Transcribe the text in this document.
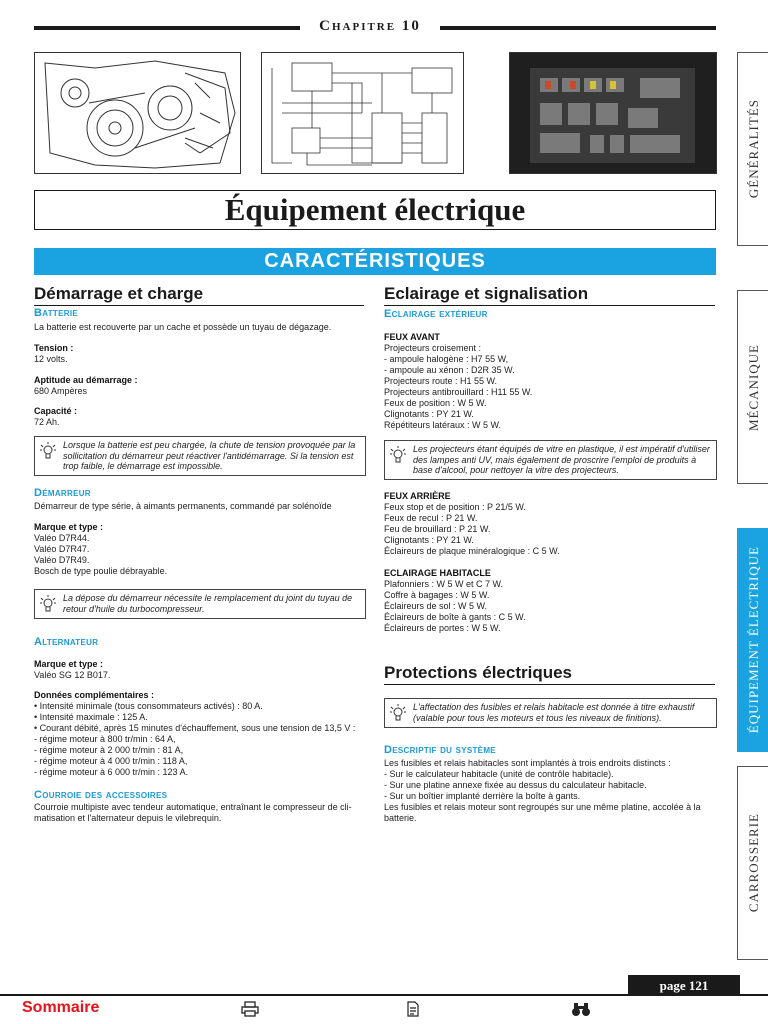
Chapitre 10
Équipement électrique
CARACTÉRISTIQUES
Démarrage et charge
Batterie
La batterie est recouverte par un cache et possède un tuyau de dégazage.
Tension :
12 volts.
Aptitude au démarrage :
680 Ampères
Capacité :
72 Ah.
Lorsque la batterie est peu chargée, la chute de tension provoquée par la sollicitation du démarreur peut réactiver l'antidémarrage. Si la tension est trop faible, le démarrage est impossible.
Démarreur
Démarreur de type série, à aimants permanents, commandé par solénoïde
Marque et type :
Valéo D7R44.
Valéo D7R47.
Valéo D7R49.
Bosch de type poulie débrayable.
La dépose du démarreur nécessite le remplacement du joint du tuyau de retour d'huile du turbocompresseur.
Alternateur
Marque et type :
Valéo SG 12 B017.
Données complémentaires :
• Intensité minimale (tous consommateurs activés) : 80 A.
• Intensité maximale : 125 A.
• Courant débité, après 15 minutes d'échauffement, sous une tension de 13,5 V :
- régime moteur à 800 tr/min : 64 A,
- régime moteur à 2 000 tr/min : 81 A,
- régime moteur à 4 000 tr/min : 118 A,
- régime moteur à 6 000 tr/min : 123 A.
Courroie des accessoires
Courroie multipiste avec tendeur automatique, entraînant le compresseur de cli-
matisation et l'alternateur depuis le vilebrequin.
Eclairage et signalisation
Eclairage extérieur
FEUX AVANT
Projecteurs croisement :
- ampoule halogène : H7 55 W,
- ampoule au xénon : D2R 35 W.
Projecteurs route : H1 55 W.
Projecteurs antibrouillard : H11 55 W.
Feux de position : W 5 W.
Clignotants : PY 21 W.
Répétiteurs latéraux : W 5 W.
Les projecteurs étant équipés de vitre en plastique, il est impératif d'utiliser des lampes anti UV, mais également de proscrire l'emploi de produits à base d'alcool, pour nettoyer la vitre des projecteurs.
FEUX ARRIÈRE
Feux stop et de position : P 21/5 W.
Feux de recul : P 21 W.
Feu de brouillard : P 21 W.
Clignotants : PY 21 W.
Éclaireurs de plaque minéralogique : C 5 W.
ECLAIRAGE HABITACLE
Plafonniers : W 5 W et C 7 W.
Coffre à bagages : W 5 W.
Éclaireurs de sol : W 5 W.
Éclaireurs de boîte à gants : C 5 W.
Éclaireurs de portes : W 5 W.
Protections électriques
L'affectation des fusibles et relais habitacle est donnée à titre exhaustif (valable pour tous les moteurs et tous les niveaux de finitions).
Descriptif du système
Les fusibles et relais habitacles sont implantés à trois endroits distincts :
- Sur le calculateur habitacle (unité de contrôle habitacle).
- Sur une platine annexe fixée au dessus du calculateur habitacle.
- Sur un boîtier implanté derrière la boîte à gants.
Les fusibles et relais moteur sont regroupés sur une même platine, accolée à la
batterie.
GÉNÉRALITÉS
MÉCANIQUE
ÉQUIPEMENT ÉLECTRIQUE
CARROSSERIE
page 121
Sommaire
